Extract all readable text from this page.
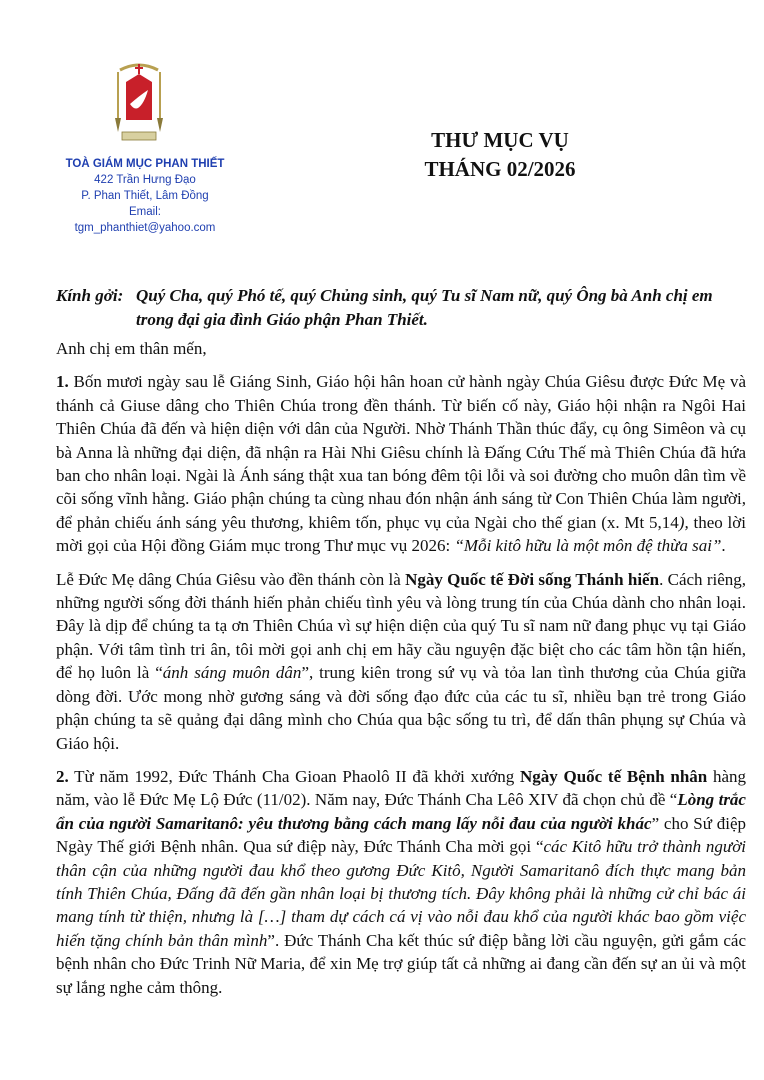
TOÀ GIÁM MỤC PHAN THIẾT
422 Trần Hưng Đạo
P. Phan Thiết, Lâm Đồng
Email:
tgm_phanthiet@yahoo.com
THƯ MỤC VỤ
THÁNG 02/2026
Kính gởi: Quý Cha, quý Phó tế, quý Chủng sinh, quý Tu sĩ Nam nữ, quý Ông bà Anh chị em trong đại gia đình Giáo phận Phan Thiết.

Anh chị em thân mến,

1. Bốn mươi ngày sau lễ Giáng Sinh, Giáo hội hân hoan cử hành ngày Chúa Giêsu được Đức Mẹ và thánh cả Giuse dâng cho Thiên Chúa trong đền thánh. Từ biến cố này, Giáo hội nhận ra Ngôi Hai Thiên Chúa đã đến và hiện diện với dân của Người. Nhờ Thánh Thần thúc đẩy, cụ ông Simêon và cụ bà Anna là những đại diện, đã nhận ra Hài Nhi Giêsu chính là Đấng Cứu Thế mà Thiên Chúa đã hứa ban cho nhân loại. Ngài là Ánh sáng thật xua tan bóng đêm tội lỗi và soi đường cho muôn dân tìm về cõi sống vĩnh hằng. Giáo phận chúng ta cùng nhau đón nhận ánh sáng từ Con Thiên Chúa làm người, để phản chiếu ánh sáng yêu thương, khiêm tốn, phục vụ của Ngài cho thế gian (x. Mt 5,14), theo lời mời gọi của Hội đồng Giám mục trong Thư mục vụ 2026: “Mỗi kitô hữu là một môn đệ thừa sai”.

Lễ Đức Mẹ dâng Chúa Giêsu vào đền thánh còn là Ngày Quốc tế Đời sống Thánh hiến. Cách riêng, những người sống đời thánh hiến phản chiếu tình yêu và lòng trung tín của Chúa dành cho nhân loại. Đây là dịp để chúng ta tạ ơn Thiên Chúa vì sự hiện diện của quý Tu sĩ nam nữ đang phục vụ tại Giáo phận. Với tâm tình tri ân, tôi mời gọi anh chị em hãy cầu nguyện đặc biệt cho các tâm hồn tận hiến, để họ luôn là “ánh sáng muôn dân”, trung kiên trong sứ vụ và tỏa lan tình thương của Chúa giữa dòng đời. Ước mong nhờ gương sáng và đời sống đạo đức của các tu sĩ, nhiều bạn trẻ trong Giáo phận chúng ta sẽ quảng đại dâng mình cho Chúa qua bậc sống tu trì, để dấn thân phụng sự Chúa và Giáo hội.

2. Từ năm 1992, Đức Thánh Cha Gioan Phaolô II đã khởi xướng Ngày Quốc tế Bệnh nhân hàng năm, vào lễ Đức Mẹ Lộ Đức (11/02). Năm nay, Đức Thánh Cha Lêô XIV đã chọn chủ đề “Lòng trắc ẩn của người Samaritanô: yêu thương bằng cách mang lấy nỗi đau của người khác” cho Sứ điệp Ngày Thế giới Bệnh nhân. Qua sứ điệp này, Đức Thánh Cha mời gọi “các Kitô hữu trở thành người thân cận của những người đau khổ theo gương Đức Kitô, Người Samaritanô đích thực mang bản tính Thiên Chúa, Đấng đã đến gần nhân loại bị thương tích. Đây không phải là những cử chỉ bác ái mang tính từ thiện, nhưng là […] tham dự cách cá vị vào nỗi đau khổ của người khác bao gồm việc hiến tặng chính bản thân mình”. Đức Thánh Cha kết thúc sứ điệp bằng lời cầu nguyện, gửi gắm các bệnh nhân cho Đức Trinh Nữ Maria, để xin Mẹ trợ giúp tất cả những ai đang cần đến sự an ủi và một sự lắng nghe cảm thông.
